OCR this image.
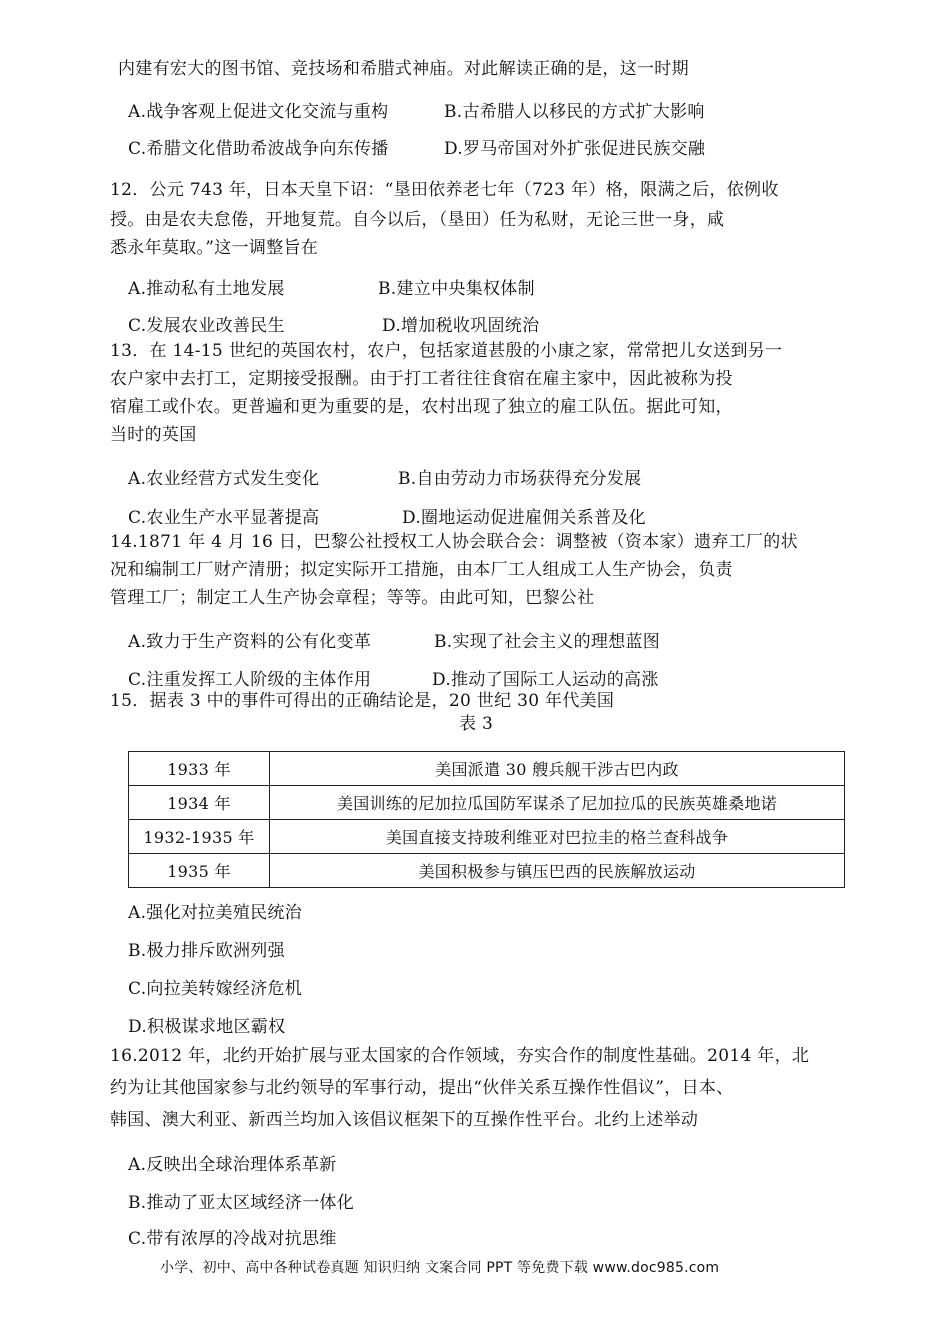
内建有宏大的图书馆、竞技场和希腊式神庙。对此解读正确的是，这一时期
A.战争客观上促进文化交流与重构	B.古希腊人以移民的方式扩大影响
C.希腊文化借助希波战争向东传播	D.罗马帝国对外扩张促进民族交融
12．公元 743 年，日本天皇下诏：“垦田依养老七年（723 年）格，限满之后，依例收
授。由是农夫怠倦，开地复荒。自今以后，（垦田）任为私财，无论三世一身，咸
悉永年莫取。”这一调整旨在
A.推动私有土地发展	B.建立中央集权体制
C.发展农业改善民生	D.增加税收巩固统治
13．在 14-15 世纪的英国农村，农户，包括家道甚殷的小康之家，常常把儿女送到另一
农户家中去打工，定期接受报酬。由于打工者往往食宿在雇主家中，因此被称为投
宿雇工或仆农。更普遍和更为重要的是，农村出现了独立的雇工队伍。据此可知，
当时的英国
A.农业经营方式发生变化	B.自由劳动力市场获得充分发展
C.农业生产水平显著提高	D.圈地运动促进雇佣关系普及化
14.1871 年 4 月 16 日，巴黎公社授权工人协会联合会：调整被（资本家）遗弃工厂的状
况和编制工厂财产清册；拟定实际开工措施，由本厂工人组成工人生产协会，负责
管理工厂；制定工人生产协会章程；等等。由此可知，巴黎公社
A.致力于生产资料的公有化变革	B.实现了社会主义的理想蓝图
C.注重发挥工人阶级的主体作用	D.推动了国际工人运动的高涨
15．据表 3 中的事件可得出的正确结论是，20 世纪 30 年代美国
表 3
1933 年	美国派遣 30 艘兵舰干涉古巴内政
1934 年	美国训练的尼加拉瓜国防军谋杀了尼加拉瓜的民族英雄桑地诺
1932-1935 年	美国直接支持玻利维亚对巴拉圭的格兰查科战争
1935 年	美国积极参与镇压巴西的民族解放运动
A.强化对拉美殖民统治
B.极力排斥欧洲列强
C.向拉美转嫁经济危机
D.积极谋求地区霸权
16.2012 年，北约开始扩展与亚太国家的合作领域，夯实合作的制度性基础。2014 年，北
约为让其他国家参与北约领导的军事行动，提出“伙伴关系互操作性倡议”，日本、
韩国、澳大利亚、新西兰均加入该倡议框架下的互操作性平台。北约上述举动
A.反映出全球治理体系革新
B.推动了亚太区域经济一体化
C.带有浓厚的冷战对抗思维
小学、初中、高中各种试卷真题 知识归纳 文案合同 PPT 等免费下载 www.doc985.com
